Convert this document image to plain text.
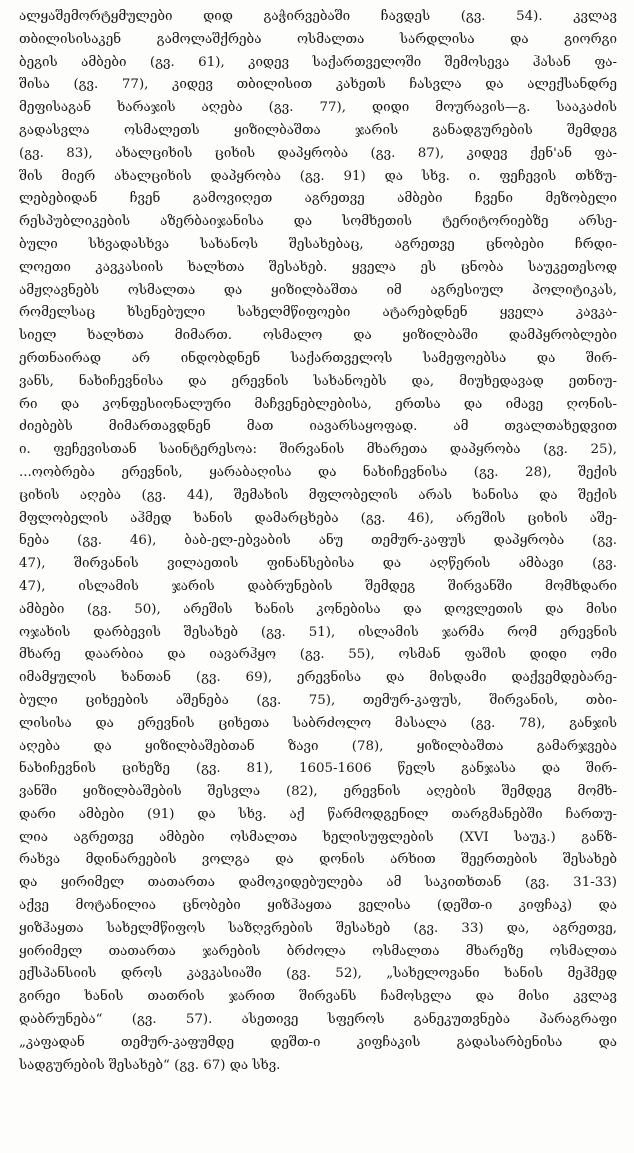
ალყაშემორტყმულები დიდ გაჭირვებაში ჩავდეს (გვ. 54). კვლავ
თბილისისაკენ გამოლაშქრება ოსმალთა სარდლისა და გიორგი
ბეგის ამბები (გვ. 61), კიდევ საქართველოში შემოსევა ჰასან ფა-
შისა (გვ. 77), კიდევ თბილისით კახეთს ჩასვლა და ალექსანდრე
მეფისაგან ხარაჯის აღება (გვ. 77), დიდი მოურავის—გ. სააკაძის
გადასვლა ოსმალეთს ყიზილბაშთა ჯარის განადგურების შემდეგ
(გვ. 83), ახალციხის ციხის დაპყრობა (გვ. 87), კიდევ ქენ'ან ფა-
შის მიერ ახალციხის დაპყრობა (გვ. 91) და სხვ. ი. ფეჩევის თხზუ-
ლებებიდან ჩვენ გამოვიღეთ აგრეთვე ამბები ჩვენი მეზობელი
რესპუბლიკების აზერბაიჯანისა და სომხეთის ტერიტორიებზე არსე-
ბული სხვადასხვა სახანოს შესახებაც, აგრეთვე ცნობები ჩრდი-
ლოეთი კავკასიის ხალხთა შესახებ. ყველა ეს ცნობა საუკეთესოდ
ამჟღავნებს ოსმალთა და ყიზილბაშთა იმ აგრესიულ პოლიტიკას,
რომელსაც ხსენებული სახელმწიფოები ატარებდნენ ყველა კავკა-
სიელ ხალხთა მიმართ. ოსმალო და ყიზილბაში დამპყრობლები
ერთნაირად არ ინდობდნენ საქართველოს სამეფოებსა და შირ-
ვანს, ნახიჩევნისა და ერევნის სახანოებს და, მიუხედავად ეთნიუ-
რი და კონფესიონალური მაჩვენებლებისა, ერთსა და იმავე ღონის-
ძიებებს მიმართავდნენ მათ იავარსაყოფად. ამ თვალთახედვით
ი. ფეჩევისთან საინტერესოა: შირვანის მხარეთა დაპყრობა (გვ. 25),
...ოობრება ერევნის, ყარაბაღისა და ნახიჩევნისა (გვ. 28), შექის
ციხის აღება (გვ. 44), შემახის მფლობელის არას ხანისა და შექის
მფლობელის აჰმედ ხანის დამარცხება (გვ. 46), არეშის ციხის აშე-
ნება (გვ. 46), ბაბ-ელ-ებვაბის ანუ თემურ-კაფუს დაპყრობა (გვ.
47), შირვანის ვილაეთის ფინანსებისა და აღწერის ამბავი (გვ.
47), ისლამის ჯარის დაბრუნების შემდეგ შირვანში მომხდარი
ამბები (გვ. 50), არეშის ხანის კონებისა და დოვლეთის და მისი
ოჯახის დარბევის შესახებ (გვ. 51), ისლამის ჯარმა რომ ერევნის
მხარე დაარბია და იავარჰყო (გვ. 55), ოსმან ფაშის დიდი ომი
იმამყულის ხანთან (გვ. 69), ერევნისა და მისდამი დაქვემდებარე-
ბული ციხეების აშენება (გვ. 75), თემურ-კაფუს, შირვანის, თბი-
ლისისა და ერევნის ციხეთა საბრძოლო მასალა (გვ. 78), განჯის
აღება და ყიზილბაშებთან ზავი (78), ყიზილბაშთა გამარჯვება
ნახიჩევნის ციხეზე (გვ. 81), 1605-1606 წელს განჯასა და შირ-
ვანში ყიზილბაშების შესვლა (82), ერევნის აღების შემდეგ მომხ-
დარი ამბები (91) და სხვ. აქ წარმოდგენილ თარგმანებში ჩართუ-
ლია აგრეთვე ამბები ოსმალთა ხელისუფლების (XVI საუკ.) განზ-
რახვა მდინარეების ვოლგა და დონის არხით შეერთების შესახებ
და ყირიმელ თათართა დამოკიდებულება ამ საკითხთან (გვ. 31-33)
აქვე მოტანილია ცნობები ყიზჰაყთა ველისა (დეშთ-ი კიფჩაკ) და
ყიზჰაყთა სახელმწიფოს საზღვრების შესახებ (გვ. 33) და, აგრეთვე,
ყირიმელ თათართა ჯარების ბრძოლა ოსმალთა მხარეზე ოსმალთა
ექსპანსიის დროს კავკასიაში (გვ. 52), „სახელოვანი ხანის მეჰმედ
გირეი ხანის თათრის ჯარით შირვანს ჩამოსვლა და მისი კვლავ
დაბრუნება“ (გვ. 57). ასეთივე სფეროს განეკუთვნება პარაგრაფი
„კაფადან თემურ-კაფუმდე დეშთ-ი კიფჩაკის გადასარბენისა და
სადგურების შესახებ“ (გვ. 67) და სხვ.
